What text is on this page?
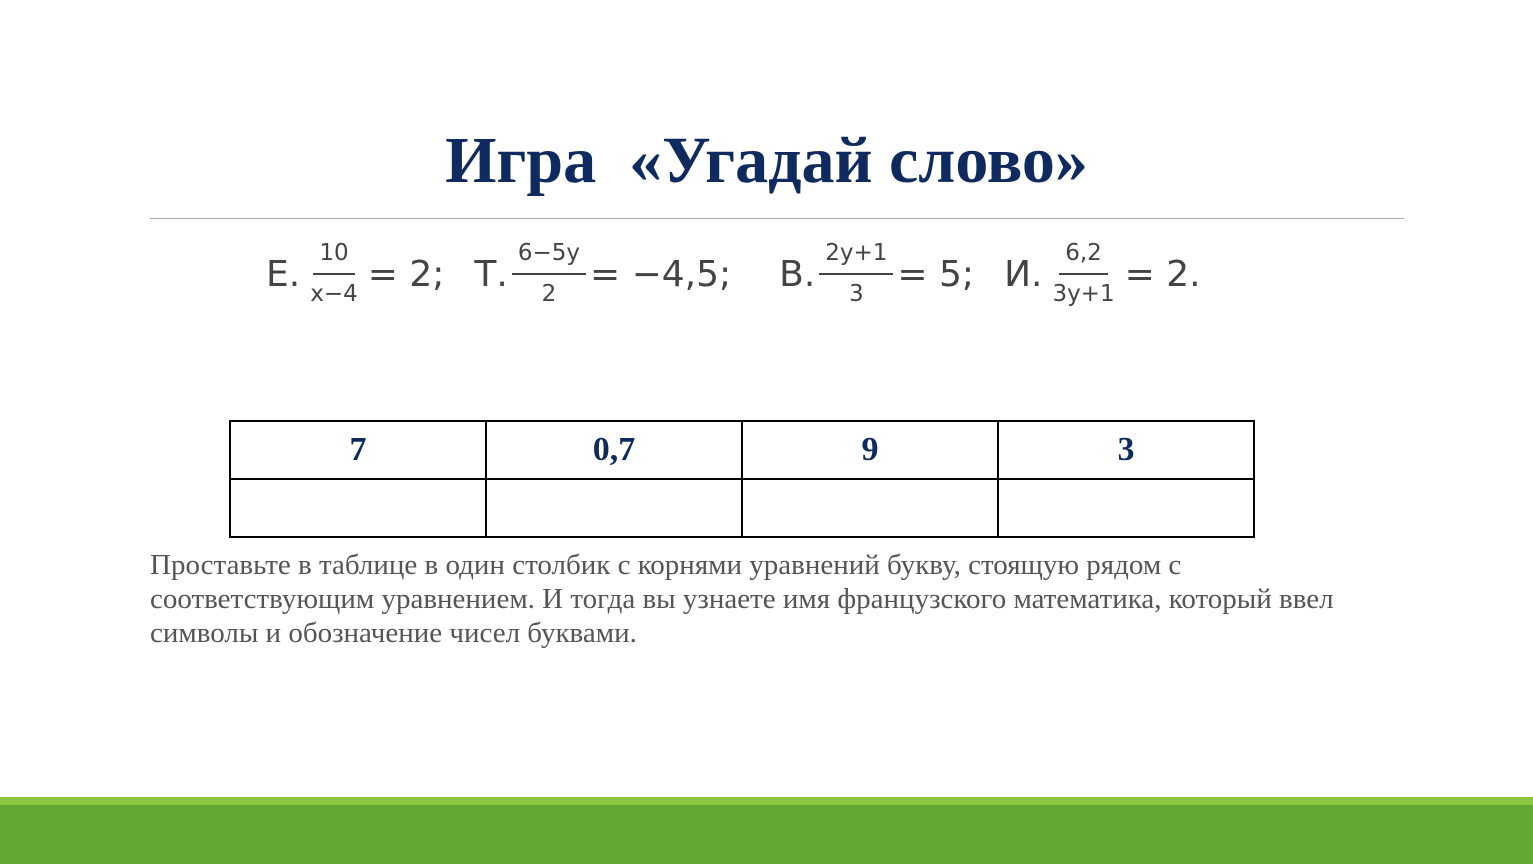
Игра  «Угадай слово»
Е. $\frac{10}{x-4} = 2$; Т. $\frac{6-5y}{2} = -4,5$; В. $\frac{2y+1}{3} = 5$; И. $\frac{6,2}{3y+1} = 2$.
7	0,7	9	3

Проставьте в таблице в один столбик с корнями уравнений букву, стоящую рядом с соответствующим уравнением. И тогда вы узнаете имя французского математика, который ввел символы и обозначение чисел буквами.
